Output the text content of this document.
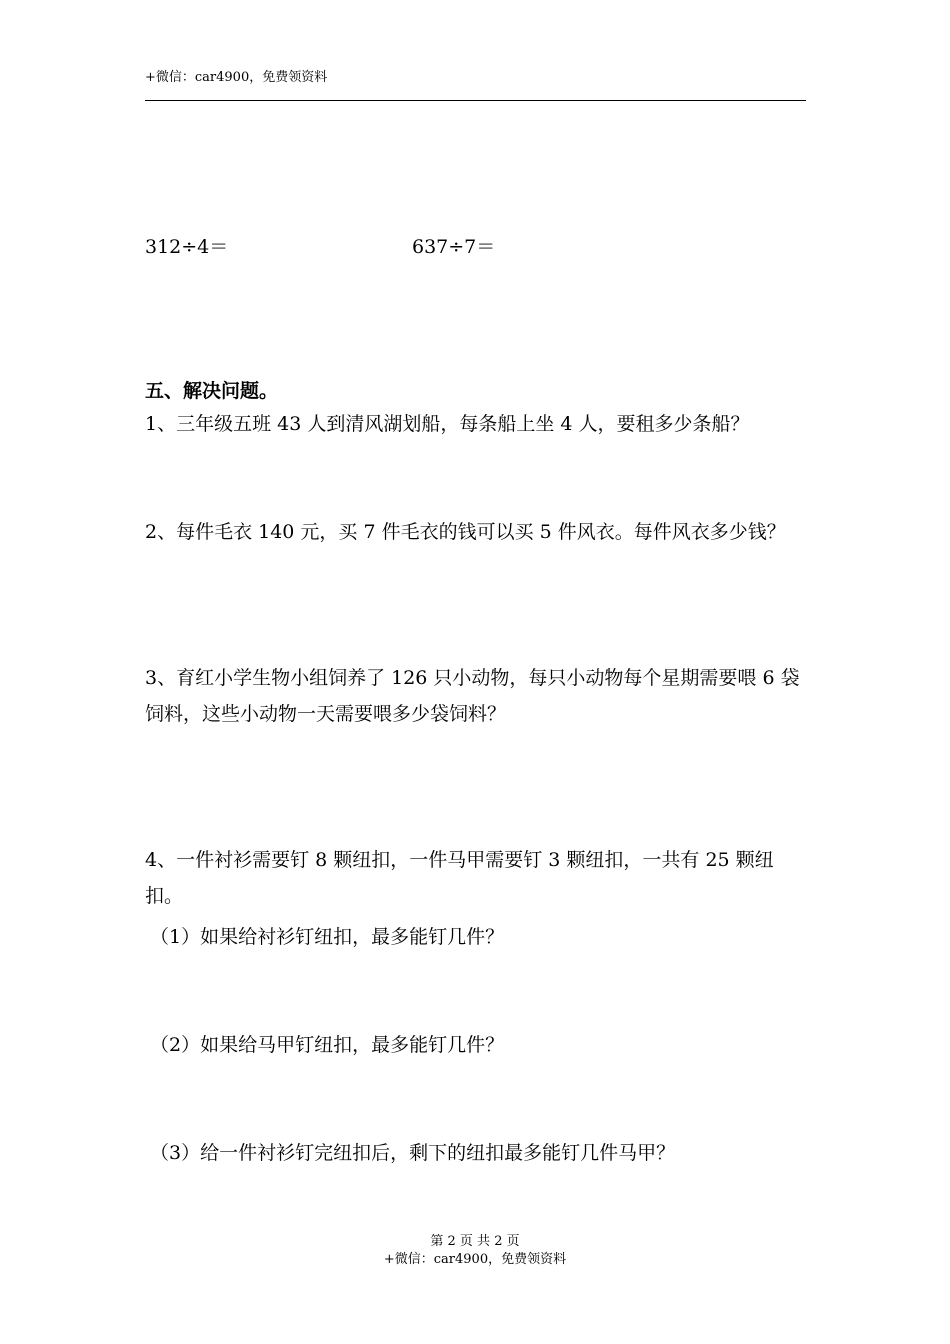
+微信：car4900，免费领资料
312÷4＝	637÷7＝
五、解决问题。
1、三年级五班 43 人到清风湖划船，每条船上坐 4 人，要租多少条船？
2、每件毛衣 140 元，买 7 件毛衣的钱可以买 5 件风衣。每件风衣多少钱？
3、育红小学生物小组饲养了 126 只小动物，每只小动物每个星期需要喂 6 袋饲料，这些小动物一天需要喂多少袋饲料？
4、一件衬衫需要钉 8 颗纽扣，一件马甲需要钉 3 颗纽扣，一共有 25 颗纽扣。
（1）如果给衬衫钉纽扣，最多能钉几件？
（2）如果给马甲钉纽扣，最多能钉几件？
（3）给一件衬衫钉完纽扣后，剩下的纽扣最多能钉几件马甲？
第 2 页 共 2 页
+微信：car4900，免费领资料
